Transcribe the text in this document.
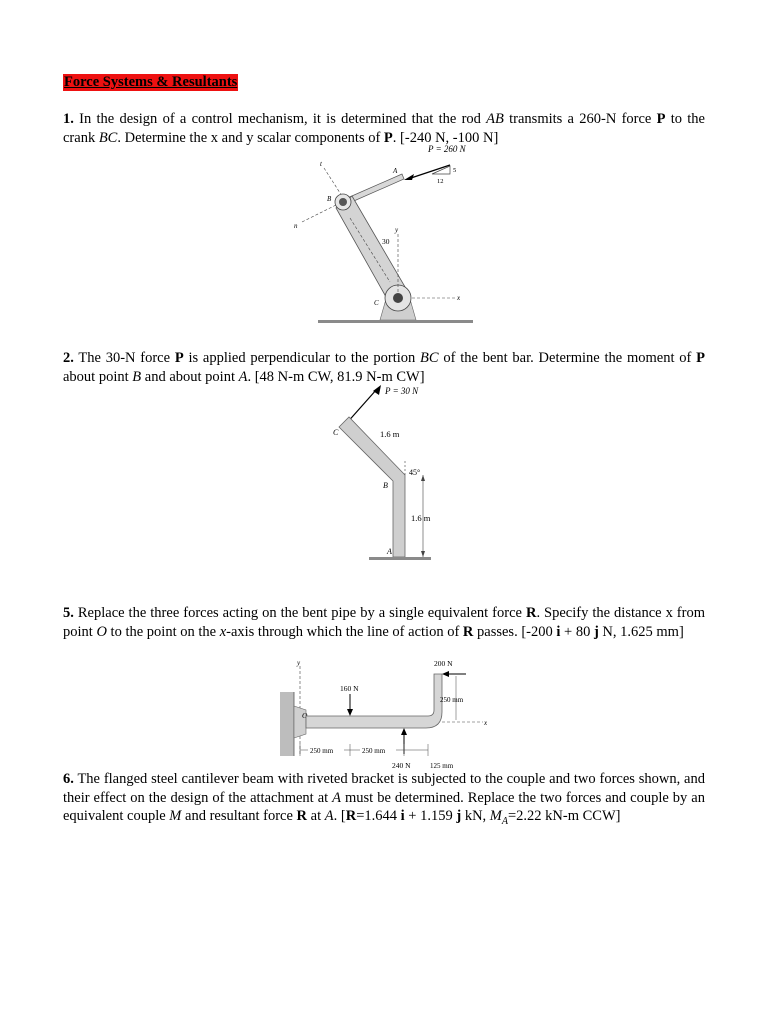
Force Systems & Resultants
1. In the design of a control mechanism, it is determined that the rod AB transmits a 260-N force P to the crank BC. Determine the x and y scalar components of P. [-240 N, -100 N]
P = 260 N
5
12
A
t
n
B
C
y
x
30
2. The 30-N force P is applied perpendicular to the portion BC of the bent bar. Determine the moment of P about point B and about point A. [48 N-m CW, 81.9 N-m CW]
P = 30 N
C
B
A
1.6 m
45°
1.6 m
5. Replace the three forces acting on the bent pipe by a single equivalent force R. Specify the distance x from point O to the point on the x-axis through which the line of action of R passes. [-200 i + 80 j N, 1.625 mm]
y
O
x
160 N
200 N
240 N
250 mm
250 mm	250 mm
125 mm
6. The flanged steel cantilever beam with riveted bracket is subjected to the couple and two forces shown, and their effect on the design of the attachment at A must be determined. Replace the two forces and couple by an equivalent couple M and resultant force R at A. [R=1.644 i + 1.159 j kN, $M_A=2.22$ kN-m CCW]
